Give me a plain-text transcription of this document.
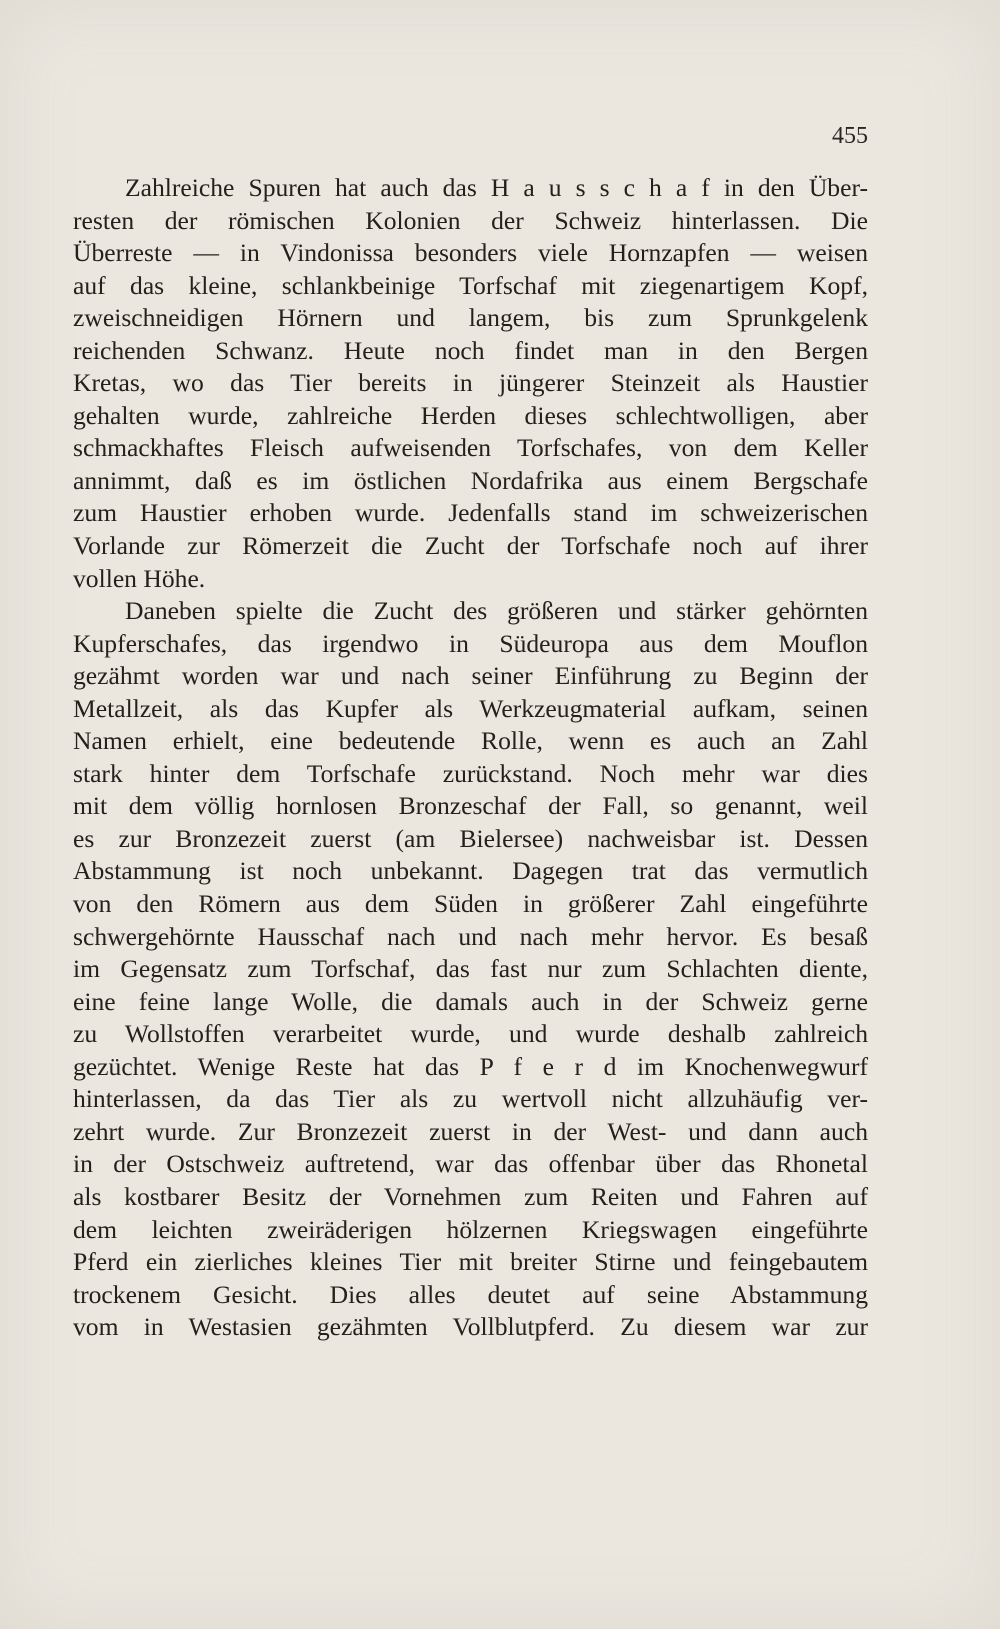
455
Zahlreiche Spuren hat auch das H a u s s c h a f in den Über-
resten der römischen Kolonien der Schweiz hinterlassen. Die
Überreste — in Vindonissa besonders viele Hornzapfen — weisen
auf das kleine, schlankbeinige Torfschaf mit ziegenartigem Kopf,
zweischneidigen Hörnern und langem, bis zum Sprunkgelenk
reichenden Schwanz. Heute noch findet man in den Bergen
Kretas, wo das Tier bereits in jüngerer Steinzeit als Haustier
gehalten wurde, zahlreiche Herden dieses schlechtwolligen, aber
schmackhaftes Fleisch aufweisenden Torfschafes, von dem Keller
annimmt, daß es im östlichen Nordafrika aus einem Bergschafe
zum Haustier erhoben wurde. Jedenfalls stand im schweizerischen
Vorlande zur Römerzeit die Zucht der Torfschafe noch auf ihrer
vollen Höhe.
Daneben spielte die Zucht des größeren und stärker gehörnten
Kupferschafes, das irgendwo in Südeuropa aus dem Mouflon
gezähmt worden war und nach seiner Einführung zu Beginn der
Metallzeit, als das Kupfer als Werkzeugmaterial aufkam, seinen
Namen erhielt, eine bedeutende Rolle, wenn es auch an Zahl
stark hinter dem Torfschafe zurückstand. Noch mehr war dies
mit dem völlig hornlosen Bronzeschaf der Fall, so genannt, weil
es zur Bronzezeit zuerst (am Bielersee) nachweisbar ist. Dessen
Abstammung ist noch unbekannt. Dagegen trat das vermutlich
von den Römern aus dem Süden in größerer Zahl eingeführte
schwergehörnte Hausschaf nach und nach mehr hervor. Es besaß
im Gegensatz zum Torfschaf, das fast nur zum Schlachten diente,
eine feine lange Wolle, die damals auch in der Schweiz gerne
zu Wollstoffen verarbeitet wurde, und wurde deshalb zahlreich
gezüchtet. Wenige Reste hat das P f e r d im Knochenwegwurf
hinterlassen, da das Tier als zu wertvoll nicht allzuhäufig ver-
zehrt wurde. Zur Bronzezeit zuerst in der West- und dann auch
in der Ostschweiz auftretend, war das offenbar über das Rhonetal
als kostbarer Besitz der Vornehmen zum Reiten und Fahren auf
dem leichten zweiräderigen hölzernen Kriegswagen eingeführte
Pferd ein zierliches kleines Tier mit breiter Stirne und feingebautem
trockenem Gesicht. Dies alles deutet auf seine Abstammung
vom in Westasien gezähmten Vollblutpferd. Zu diesem war zur
